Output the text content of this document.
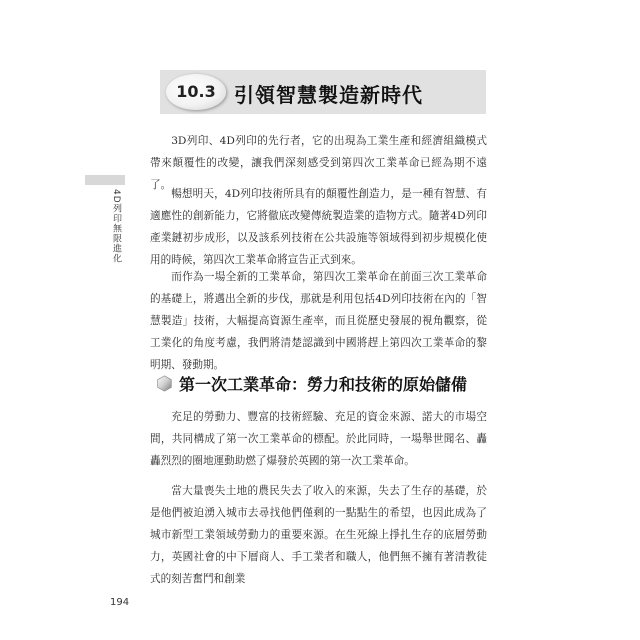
10.3 引領智慧製造新時代
4D列印無限進化

3D列印、4D列印的先行者，它的出現為工業生產和經濟組織模式帶來顛覆性的改變，讓我們深刻感受到第四次工業革命已經為期不遠了。

暢想明天，4D列印技術所具有的顛覆性創造力，是一種有智慧、有適應性的創新能力，它將徹底改變傳統製造業的造物方式。隨著4D列印產業鏈初步成形，以及該系列技術在公共設施等領域得到初步規模化使用的時候，第四次工業革命將宣告正式到來。

而作為一場全新的工業革命，第四次工業革命在前面三次工業革命的基礎上，將邁出全新的步伐，那就是利用包括4D列印技術在內的「智慧製造」技術，大幅提高資源生產率，而且從歷史發展的視角觀察，從工業化的角度考慮，我們將清楚認識到中國將趕上第四次工業革命的黎明期、發動期。

第一次工業革命：勞力和技術的原始儲備

充足的勞動力、豐富的技術經驗、充足的資金來源、諾大的市場空間，共同構成了第一次工業革命的標配。於此同時，一場舉世聞名、轟轟烈烈的圈地運動助燃了爆發於英國的第一次工業革命。

當大量喪失土地的農民失去了收入的來源，失去了生存的基礎，於是他們被迫湧入城市去尋找他們僅剩的一點點生的希望，也因此成為了城市新型工業領域勞動力的重要來源。在生死線上掙扎生存的底層勞動力，英國社會的中下層商人、手工業者和職人，他們無不擁有著清教徒式的刻苦奮鬥和創業

194
